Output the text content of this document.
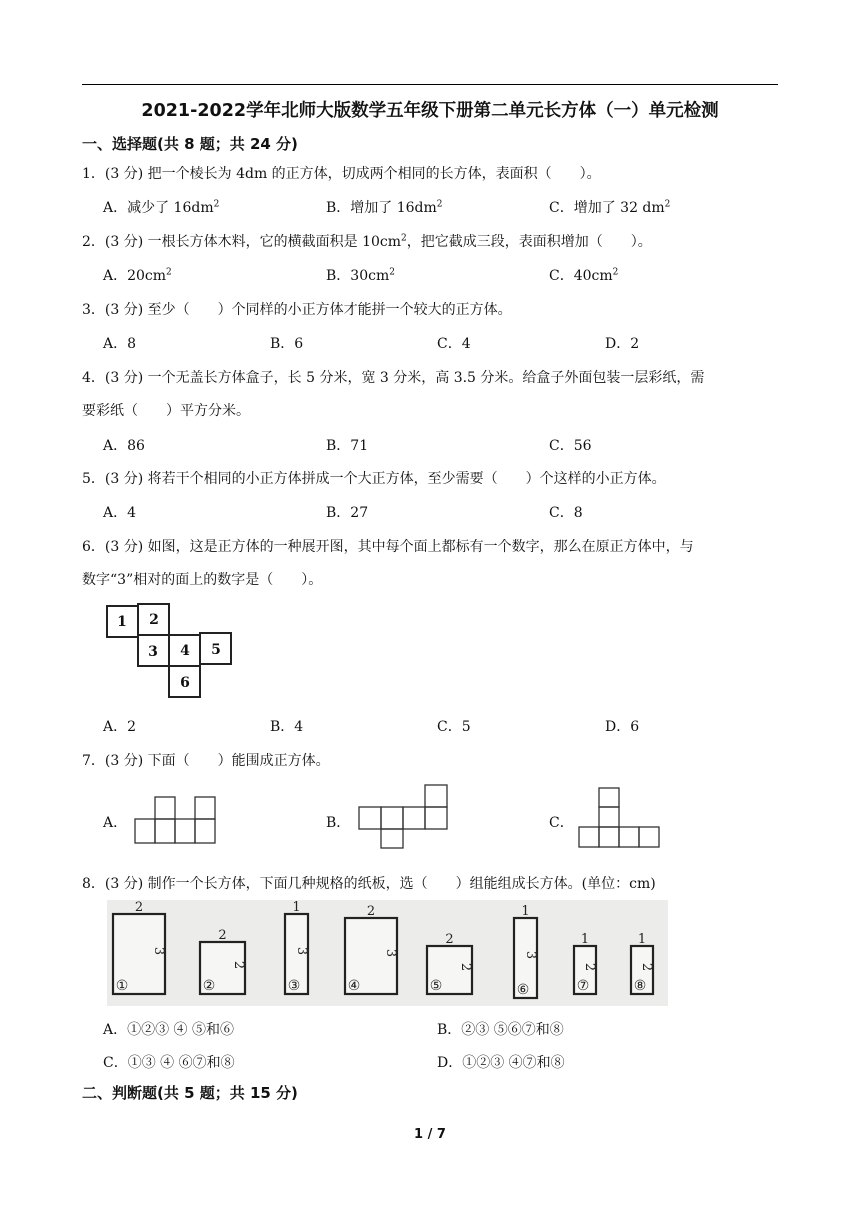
2021-2022学年北师大版数学五年级下册第二单元长方体（一）单元检测
一、选择题(共 8 题；共 24 分)
1．(3 分) 把一个棱长为 4dm 的正方体，切成两个相同的长方体，表面积（　　）。
A．减少了 $16dm^2$	B．增加了 $16dm^2$	C．增加了 32 $dm^2$
2．(3 分) 一根长方体木料，它的横截面积是 $10cm^2$，把它截成三段，表面积增加（　　）。
A．$20cm^2$	B．$30cm^2$	C．$40cm^2$
3．(3 分) 至少（　　）个同样的小正方体才能拼一个较大的正方体。
A．8	B．6	C．4	D．2
4．(3 分) 一个无盖长方体盒子，长 5 分米，宽 3 分米，高 3.5 分米。给盒子外面包装一层彩纸，需
要彩纸（　　）平方分米。
A．86	B．71	C．56
5．(3 分) 将若干个相同的小正方体拼成一个大正方体，至少需要（　　）个这样的小正方体。
A．4	B．27	C．8
6．(3 分) 如图，这是正方体的一种展开图，其中每个面上都标有一个数字，那么在原正方体中，与
数字“3”相对的面上的数字是（　　）。
1 2
3 4 5
6
A．2	B．4	C．5	D．6
7．(3 分) 下面（　　）能围成正方体。
A．	B．	C．
8．(3 分) 制作一个长方体，下面几种规格的纸板，选（　　）组能组成长方体。(单位：cm)
2
3
①
2
2
②
1
3
③
2
3
④
2
2
⑤
1
3
⑥
1
2
⑦
1
2
⑧
A．①②③ ④ ⑤和⑥	B．②③ ⑤⑥⑦和⑧
C．①③ ④ ⑥⑦和⑧	D．①②③ ④⑦和⑧
二、判断题(共 5 题；共 15 分)
1 / 7
